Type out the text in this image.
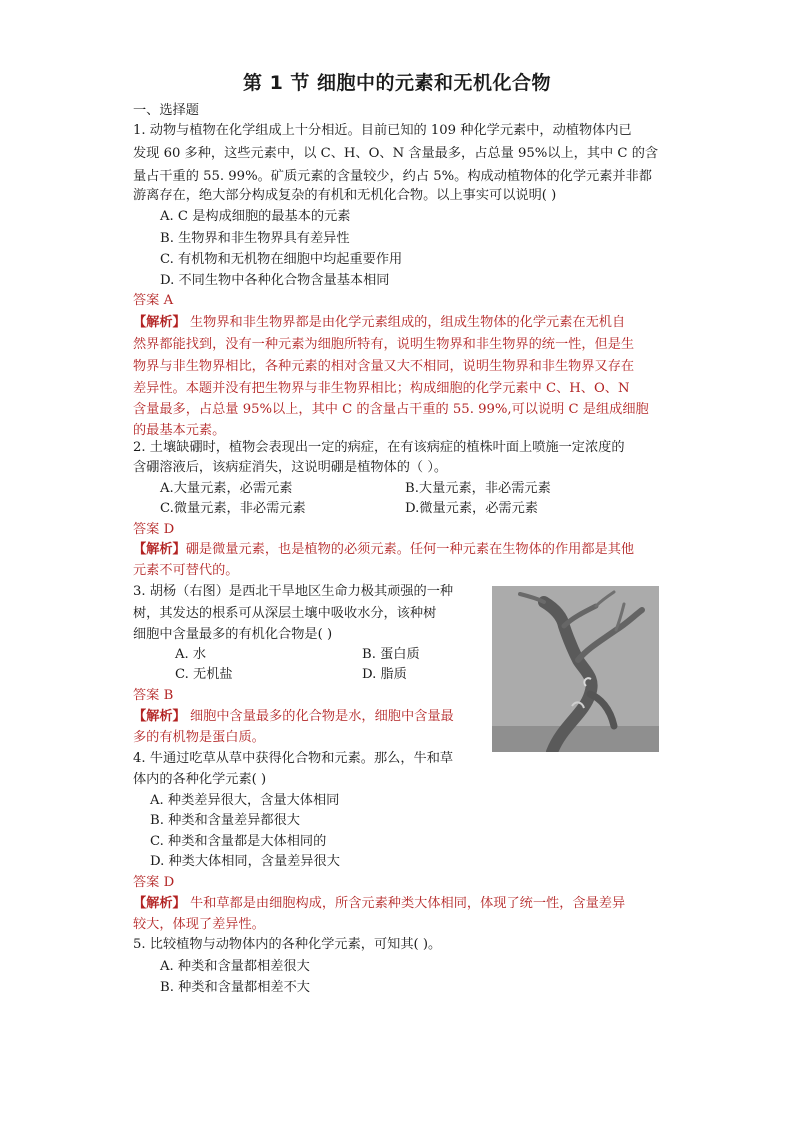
第 1 节 细胞中的元素和无机化合物
一、选择题
1. 动物与植物在化学组成上十分相近。目前已知的 109 种化学元素中，动植物体内已
发现 60 多种，这些元素中，以 C、H、O、N 含量最多，占总量 95%以上，其中 C 的含
量占干重的 55. 99%。矿质元素的含量较少，约占 5%。构成动植物体的化学元素并非都
游离存在，绝大部分构成复杂的有机和无机化合物。以上事实可以说明( )
A. C 是构成细胞的最基本的元素
B. 生物界和非生物界具有差异性
C. 有机物和无机物在细胞中均起重要作用
D. 不同生物中各种化合物含量基本相同
答案 A
【解析】 生物界和非生物界都是由化学元素组成的，组成生物体的化学元素在无机自
然界都能找到，没有一种元素为细胞所特有，说明生物界和非生物界的统一性，但是生
物界与非生物界相比，各种元素的相对含量又大不相同，说明生物界和非生物界又存在
差异性。本题并没有把生物界与非生物界相比；构成细胞的化学元素中 C、H、O、N
含量最多，占总量 95%以上，其中 C 的含量占干重的 55. 99%,可以说明 C 是组成细胞
的最基本元素。
2. 土壤缺硼时，植物会表现出一定的病症，在有该病症的植株叶面上喷施一定浓度的
含硼溶液后，该病症消失，这说明硼是植物体的（ ）。
A.大量元素，必需元素	B.大量元素，非必需元素
C.微量元素，非必需元素	D.微量元素，必需元素
答案 D
【解析】硼是微量元素，也是植物的必须元素。任何一种元素在生物体的作用都是其他
元素不可替代的。
3. 胡杨（右图）是西北干旱地区生命力极其顽强的一种
树，其发达的根系可从深层土壤中吸收水分，该种树
细胞中含量最多的有机化合物是( )
A. 水	B. 蛋白质
C. 无机盐	D. 脂质
答案 B
【解析】 细胞中含量最多的化合物是水，细胞中含量最
多的有机物是蛋白质。
4. 牛通过吃草从草中获得化合物和元素。那么，牛和草
体内的各种化学元素( )
A. 种类差异很大，含量大体相同
B. 种类和含量差异都很大
C. 种类和含量都是大体相同的
D. 种类大体相同，含量差异很大
答案 D
【解析】 牛和草都是由细胞构成，所含元素种类大体相同，体现了统一性，含量差异
较大，体现了差异性。
5. 比较植物与动物体内的各种化学元素，可知其( )。
A. 种类和含量都相差很大
B. 种类和含量都相差不大
